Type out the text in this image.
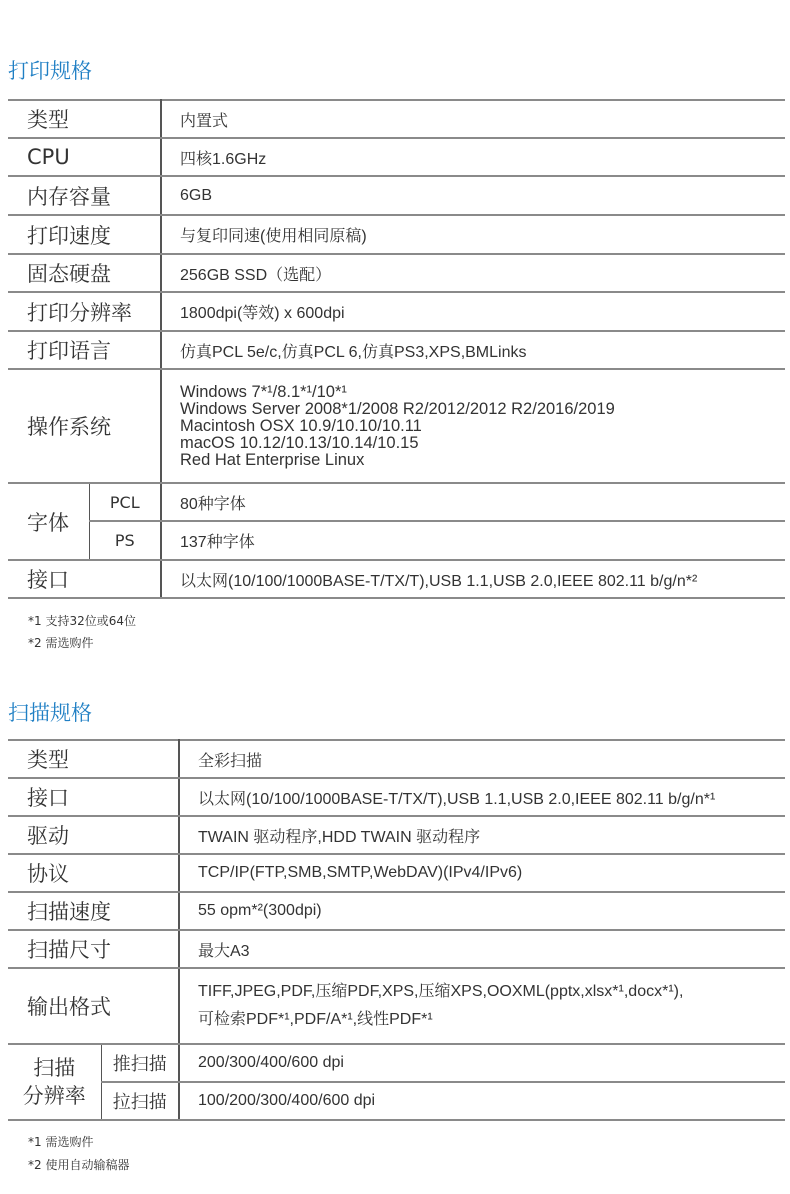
打印规格
类型		内置式
CPU		四核1.6GHz
内存容量		6GB
打印速度		与复印同速(使用相同原稿)
固态硬盘		256GB SSD（选配）
打印分辨率		1800dpi(等效) x 600dpi
打印语言		仿真PCL 5e/c,仿真PCL 6,仿真PS3,XPS,BMLinks
操作系统		Windows 7*¹/8.1*¹/10*¹
Windows Server 2008*1/2008 R2/2012/2012 R2/2016/2019
Macintosh OSX 10.9/10.10/10.11
macOS 10.12/10.13/10.14/10.15
Red Hat Enterprise Linux

字体	PCL	80种字体
	PS	137种字体
接口		以太网(10/100/1000BASE-T/TX/T),USB 1.1,USB 2.0,IEEE 802.11 b/g/n*²
*1 支持32位或64位
*2 需选购件
扫描规格
类型		全彩扫描
接口		以太网(10/100/1000BASE-T/TX/T),USB 1.1,USB 2.0,IEEE 802.11 b/g/n*¹
驱动		TWAIN 驱动程序,HDD TWAIN 驱动程序
协议		TCP/IP(FTP,SMB,SMTP,WebDAV)(IPv4/IPv6)
扫描速度		55 opm*²(300dpi)
扫描尺寸		最大A3
输出格式		TIFF,JPEG,PDF,压缩PDF,XPS,压缩XPS,OOXML(pptx,xlsx*¹,docx*¹),
可检索PDF*¹,PDF/A*¹,线性PDF*¹

扫描
分辨率	推扫描	200/300/400/600 dpi
	拉扫描	100/200/300/400/600 dpi
*1 需选购件
*2 使用自动输稿器
